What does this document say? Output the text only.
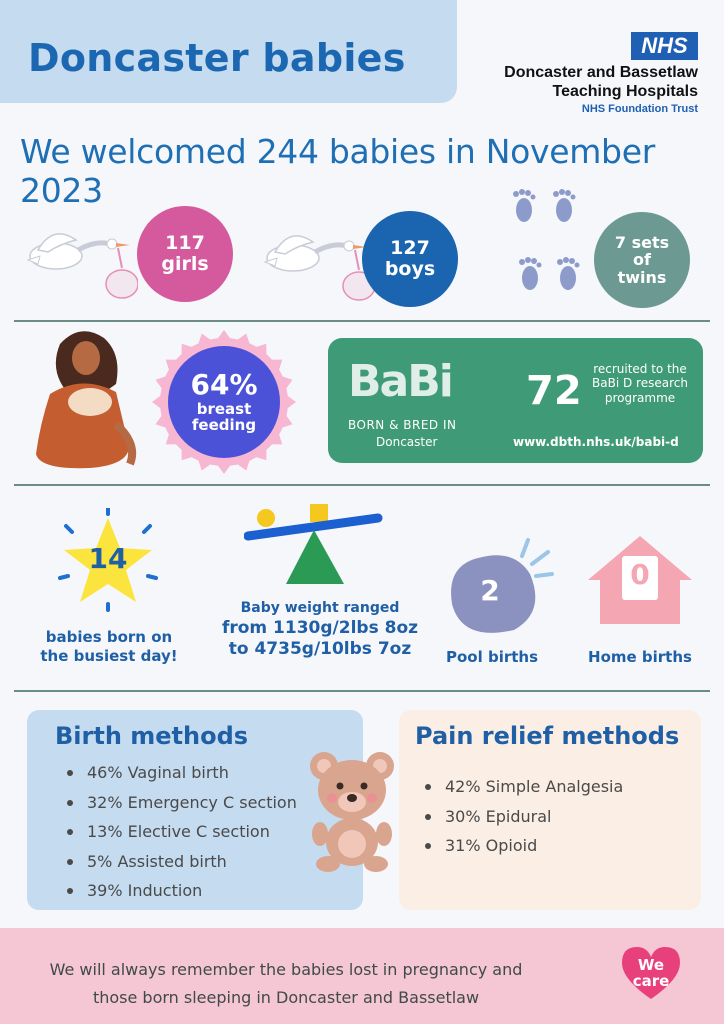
Doncaster babies	NHS
Doncaster and Bassetlaw
Teaching Hospitals
NHS Foundation Trust
We welcomed 244 babies in November 2023
117
girls
127
boys
7 sets
of
twins
64%
breast
feeding
BaBi
BORN & BRED IN
Doncaster
72 recruited to the BaBi D research programme
www.dbth.nhs.uk/babi-d
14
babies born on
the busiest day!
Baby weight ranged
from 1130g/2lbs 8oz
to 4735g/10lbs 7oz
2
Pool births
0
Home births
Birth methods
46% Vaginal birth
32% Emergency C section
13% Elective C section
5% Assisted birth
39% Induction
Pain relief methods
42% Simple Analgesia
30% Epidural
31% Opioid
We will always remember the babies lost in pregnancy and
those born sleeping in Doncaster and Bassetlaw
We
care
